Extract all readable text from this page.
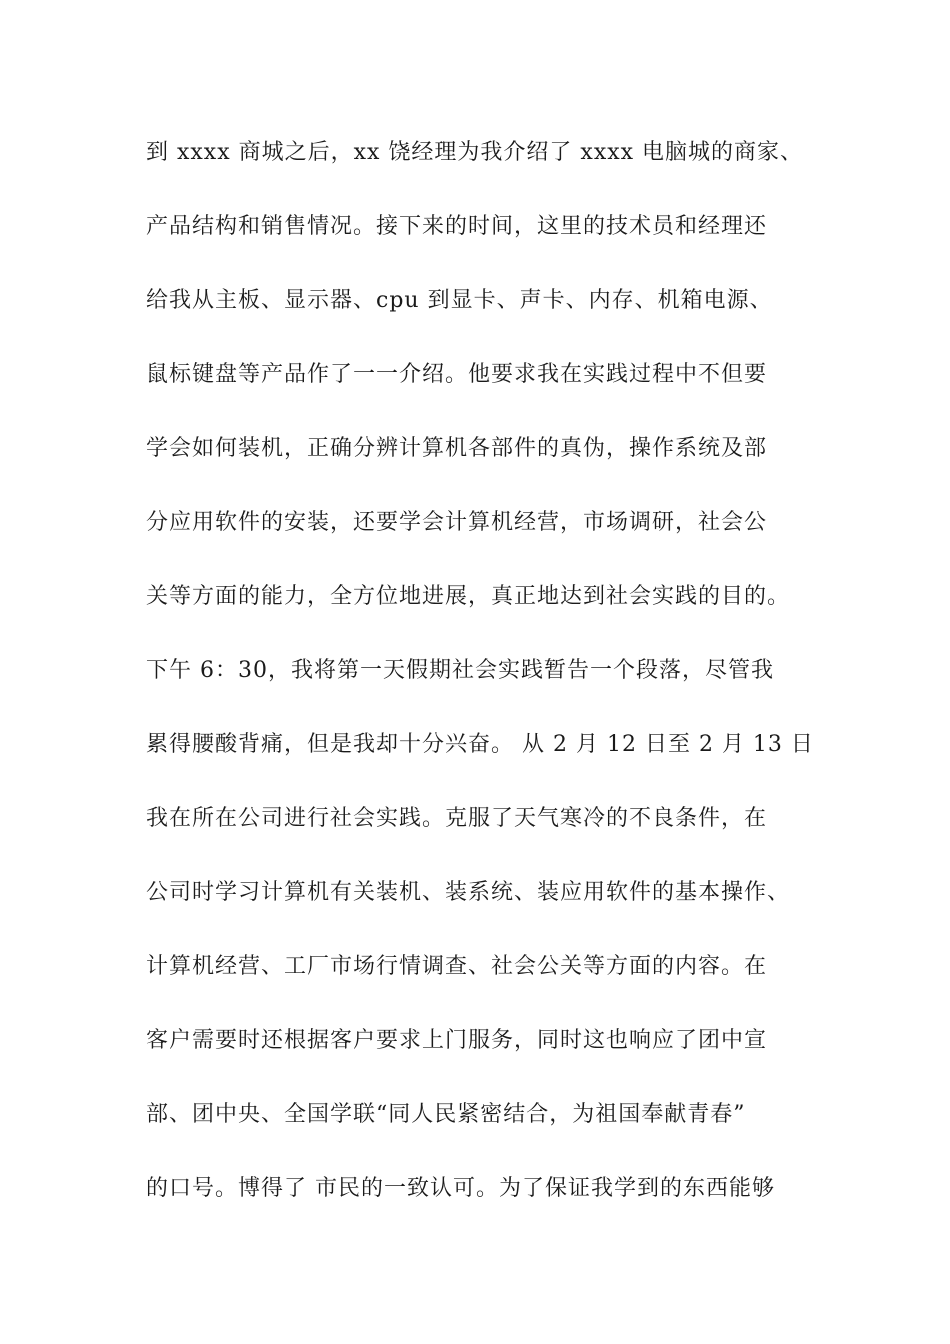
到 xxxx 商城之后，xx 饶经理为我介绍了 xxxx 电脑城的商家、
产品结构和销售情况。接下来的时间，这里的技术员和经理还
给我从主板、显示器、cpu 到显卡、声卡、内存、机箱电源、
鼠标键盘等产品作了一一介绍。他要求我在实践过程中不但要
学会如何装机，正确分辨计算机各部件的真伪，操作系统及部
分应用软件的安装，还要学会计算机经营，市场调研，社会公
关等方面的能力，全方位地进展，真正地达到社会实践的目的。
下午 6：30，我将第一天假期社会实践暂告一个段落，尽管我
累得腰酸背痛，但是我却十分兴奋。 从 2 月 12 日至 2 月 13 日
我在所在公司进行社会实践。克服了天气寒冷的不良条件，在
公司时学习计算机有关装机、装系统、装应用软件的基本操作、
计算机经营、工厂市场行情调查、社会公关等方面的内容。在
客户需要时还根据客户要求上门服务，同时这也响应了团中宣
部、团中央、全国学联“同人民紧密结合，为祖国奉献青春”
的口号。博得了 市民的一致认可。为了保证我学到的东西能够
